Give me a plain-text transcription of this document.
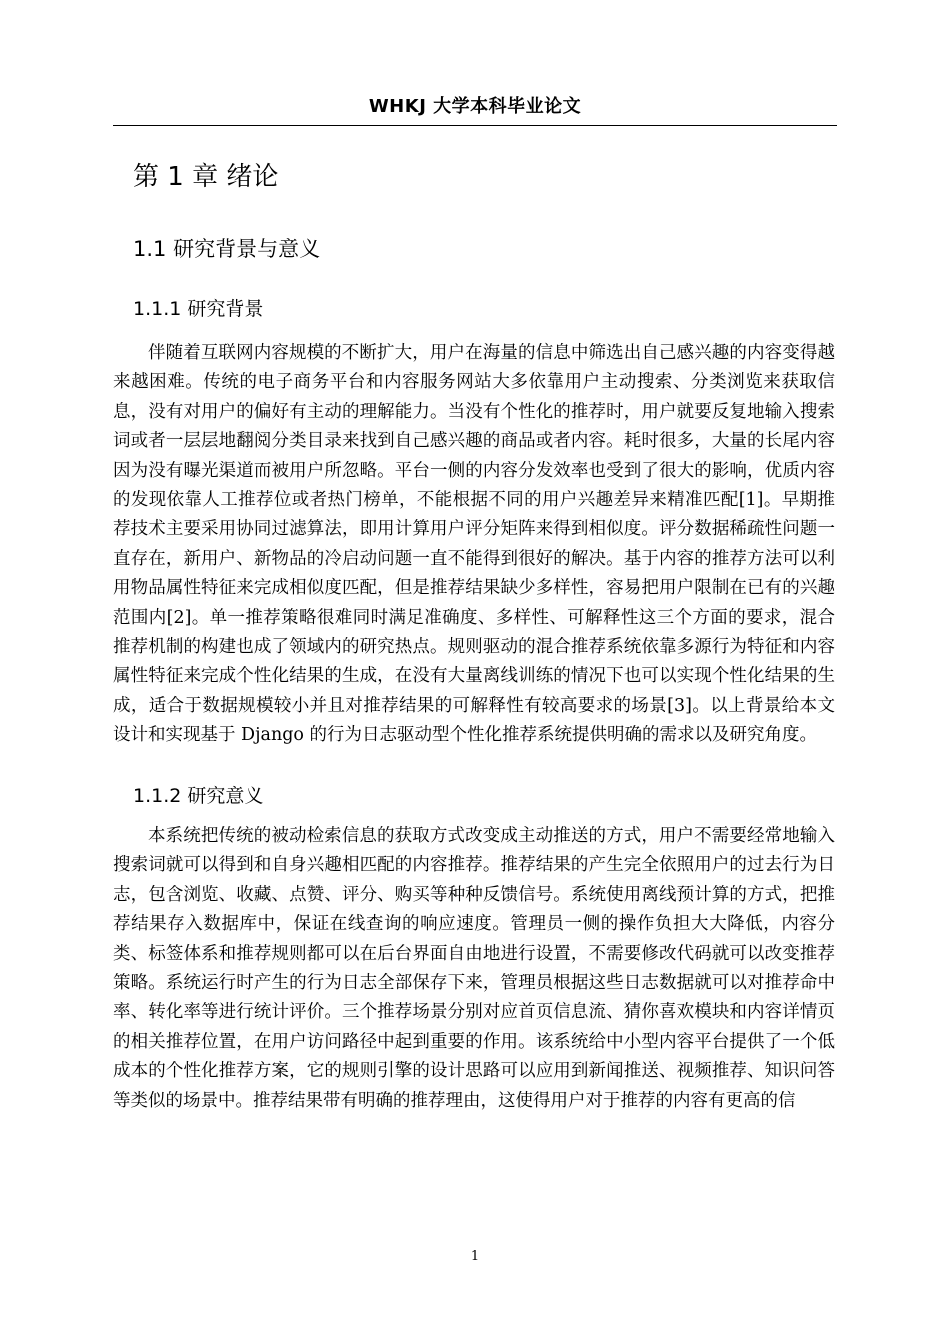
WHKJ 大学本科毕业论文
第 1 章 绪论
1.1 研究背景与意义
1.1.1 研究背景

伴随着互联网内容规模的不断扩大，用户在海量的信息中筛选出自己感兴趣的内容变得越来越困难。传统的电子商务平台和内容服务网站大多依靠用户主动搜索、分类浏览来获取信息，没有对用户的偏好有主动的理解能力。当没有个性化的推荐时，用户就要反复地输入搜索词或者一层层地翻阅分类目录来找到自己感兴趣的商品或者内容。耗时很多，大量的长尾内容因为没有曝光渠道而被用户所忽略。平台一侧的内容分发效率也受到了很大的影响，优质内容的发现依靠人工推荐位或者热门榜单，不能根据不同的用户兴趣差异来精准匹配[1]。早期推荐技术主要采用协同过滤算法，即用计算用户评分矩阵来得到相似度。评分数据稀疏性问题一直存在，新用户、新物品的冷启动问题一直不能得到很好的解决。基于内容的推荐方法可以利用物品属性特征来完成相似度匹配，但是推荐结果缺少多样性，容易把用户限制在已有的兴趣范围内[2]。单一推荐策略很难同时满足准确度、多样性、可解释性这三个方面的要求，混合推荐机制的构建也成了领域内的研究热点。规则驱动的混合推荐系统依靠多源行为特征和内容属性特征来完成个性化结果的生成，在没有大量离线训练的情况下也可以实现个性化结果的生成，适合于数据规模较小并且对推荐结果的可解释性有较高要求的场景[3]。以上背景给本文设计和实现基于 Django 的行为日志驱动型个性化推荐系统提供明确的需求以及研究角度。

1.1.2 研究意义

本系统把传统的被动检索信息的获取方式改变成主动推送的方式，用户不需要经常地输入搜索词就可以得到和自身兴趣相匹配的内容推荐。推荐结果的产生完全依照用户的过去行为日志，包含浏览、收藏、点赞、评分、购买等种种反馈信号。系统使用离线预计算的方式，把推荐结果存入数据库中，保证在线查询的响应速度。管理员一侧的操作负担大大降低，内容分类、标签体系和推荐规则都可以在后台界面自由地进行设置，不需要修改代码就可以改变推荐策略。系统运行时产生的行为日志全部保存下来，管理员根据这些日志数据就可以对推荐命中率、转化率等进行统计评价。三个推荐场景分别对应首页信息流、猜你喜欢模块和内容详情页的相关推荐位置，在用户访问路径中起到重要的作用。该系统给中小型内容平台提供了一个低成本的个性化推荐方案，它的规则引擎的设计思路可以应用到新闻推送、视频推荐、知识问答等类似的场景中。推荐结果带有明确的推荐理由，这使得用户对于推荐的内容有更高的信

1
